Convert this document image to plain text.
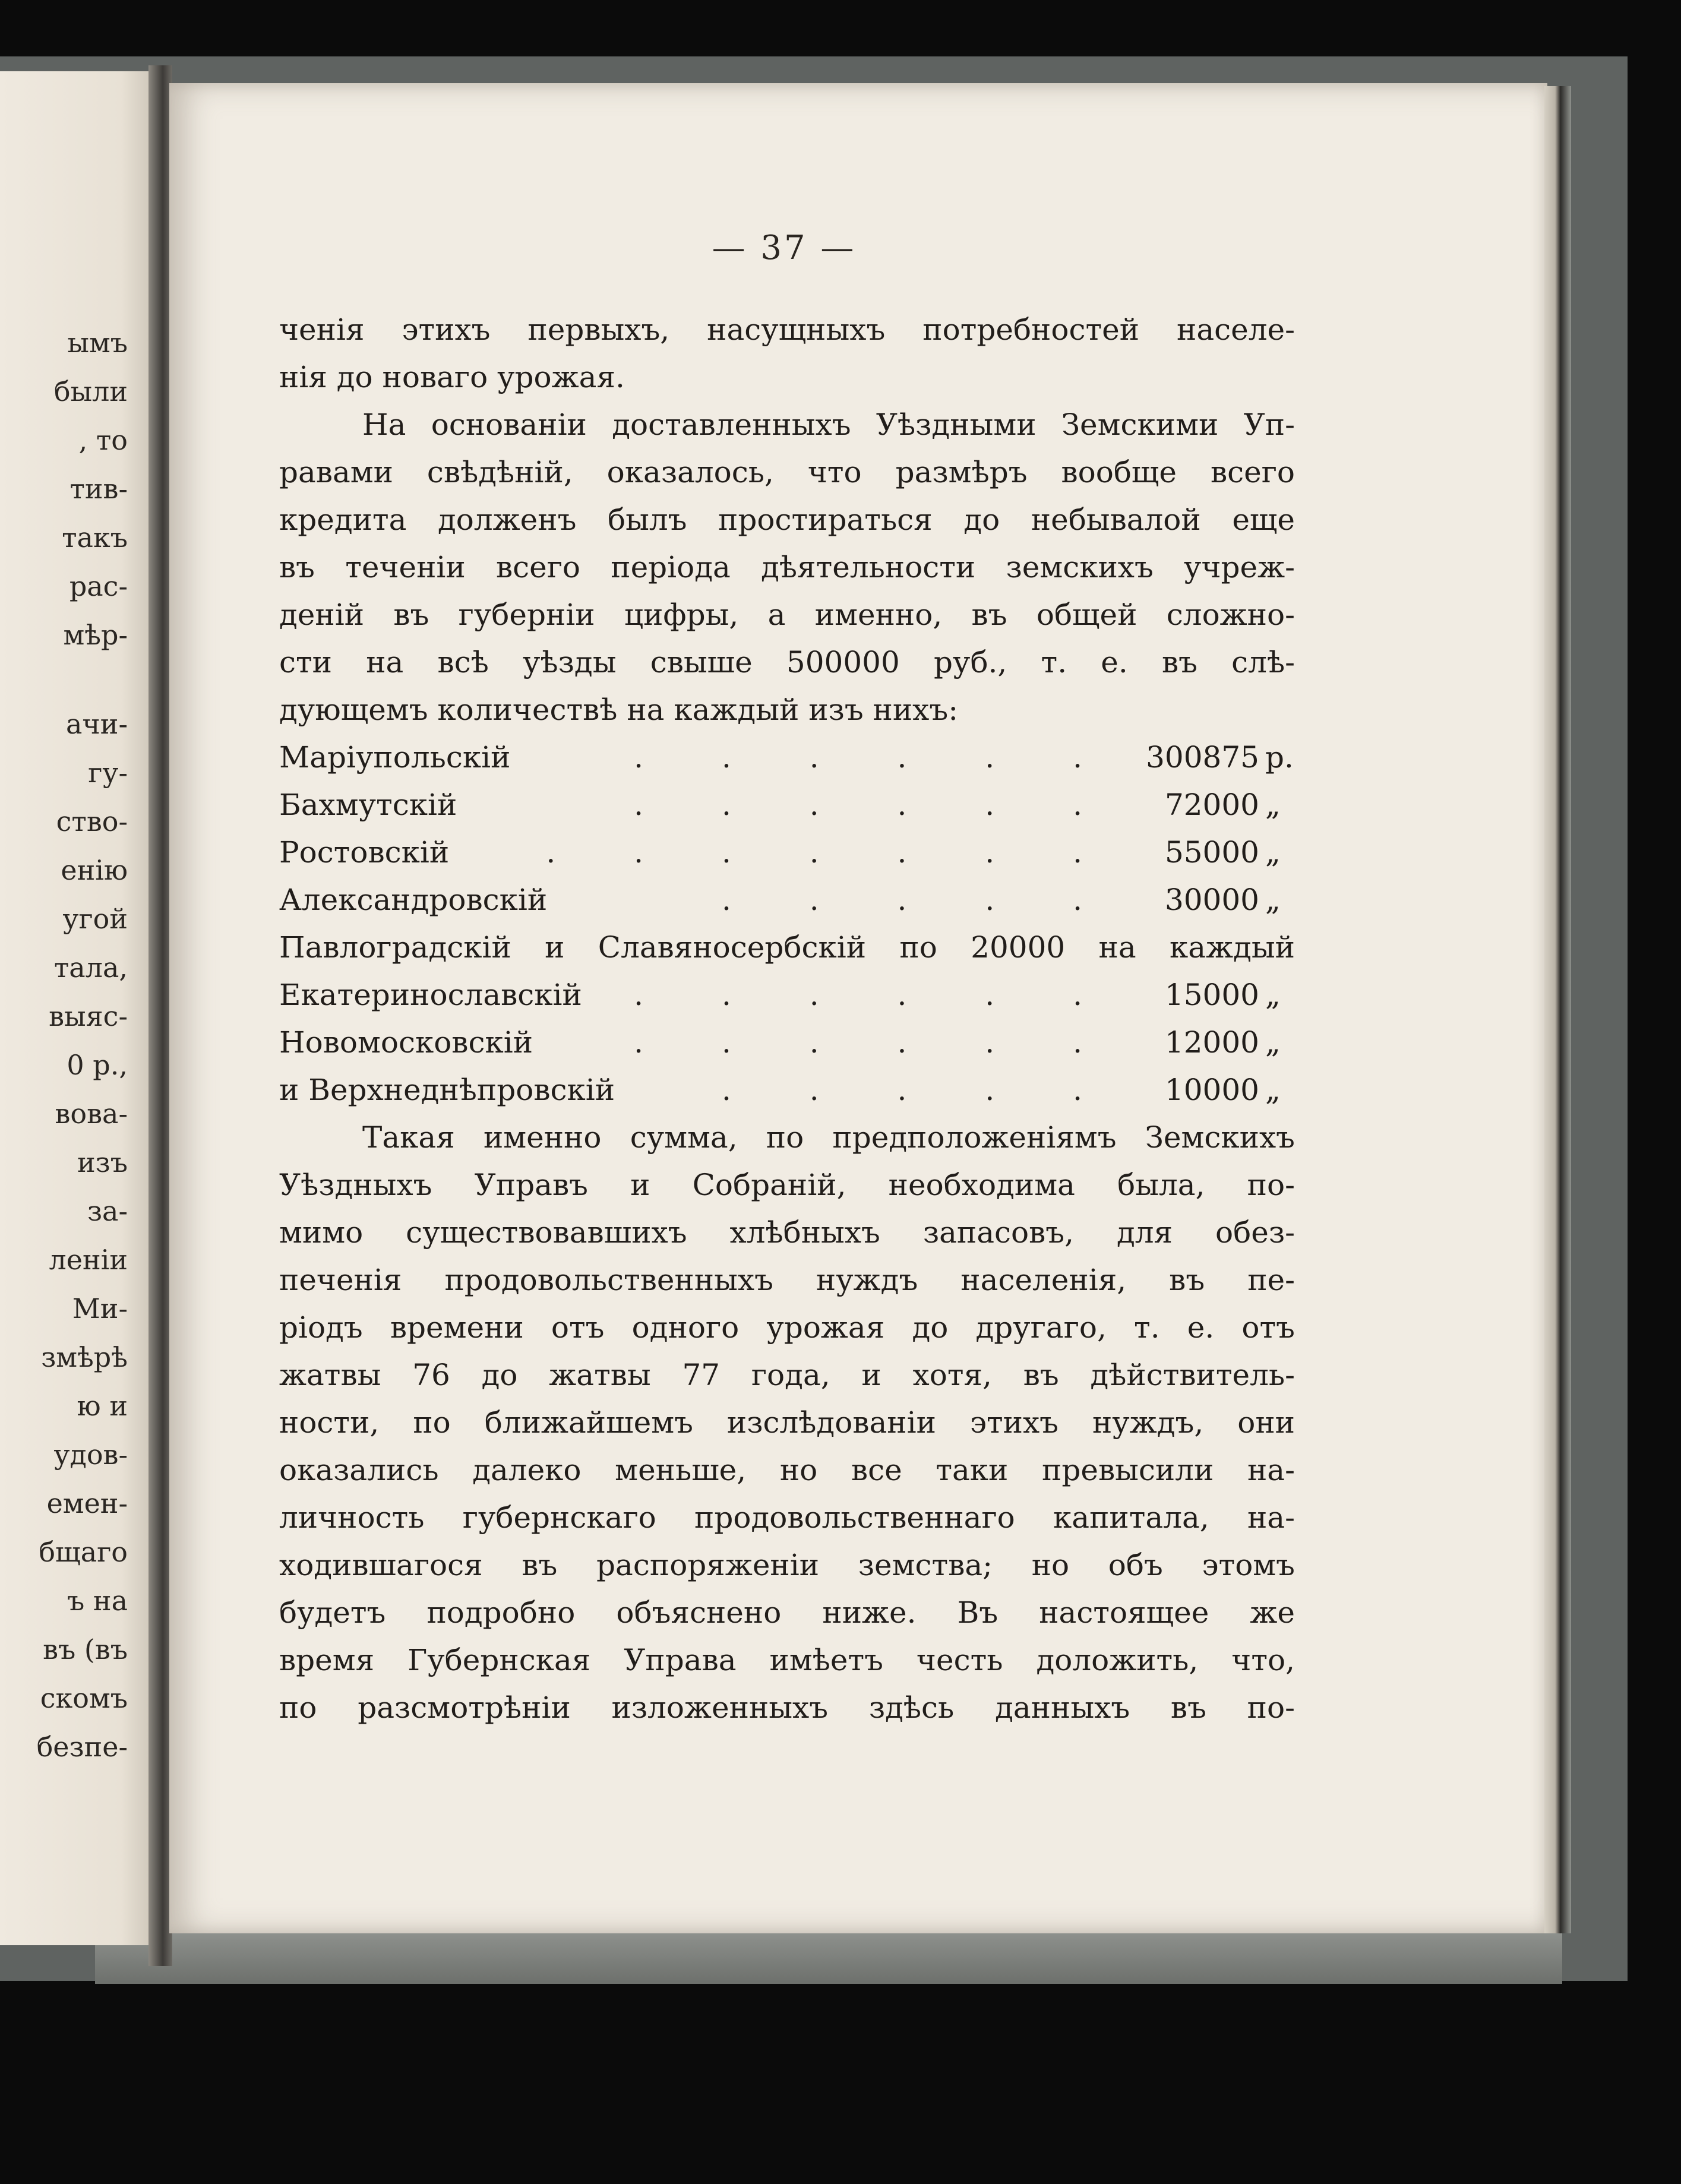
ымъ
были
, то
тив-
такъ
рас-
мѣр-
ачи-
гу-
ство-
енію
угой
тала,
выяс-
0 р.,
вова-
изъ
за-
леніи
Ми-
змѣрѣ
ю и
удов-
емен-
бщаго
ъ на
въ (въ
скомъ
безпе-
— 37 —
ченія этихъ первыхъ, насущныхъ потребностей населе-
нія до новаго урожая.
На основаніи доставленныхъ Уѣздными Земскими Уп-
равами свѣдѣній, оказалось, что размѣръ вообще всего
кредита долженъ былъ простираться до небывалой еще
въ теченіи всего періода дѣятельности земскихъ учреж-
деній въ губерніи цифры, а именно, въ общей сложно-
сти на всѣ уѣзды свыше 500000 руб., т. е. въ слѣ-
дующемъ количествѣ на каждый изъ нихъ:
Маріупольскій	. . . . . . 300875 р.
Бахмутскій	. . . . . . 72000 „
Ростовскій	. . . . . . . 55000 „
Александровскій	. . . . . 30000 „
Павлоградскій и Славяносербскій по 20000 на каждый
Екатеринославскій	. . . . . . 15000 „
Новомосковскій	. . . . . . 12000 „
и Верхнеднѣпровскій	. . . . . 10000 „
Такая именно сумма, по предположеніямъ Земскихъ
Уѣздныхъ Управъ и Собраній, необходима была, по-
мимо существовавшихъ хлѣбныхъ запасовъ, для обез-
печенія продовольственныхъ нуждъ населенія, въ пе-
ріодъ времени отъ одного урожая до другаго, т. е. отъ
жатвы 76 до жатвы 77 года, и хотя, въ дѣйствитель-
ности, по ближайшемъ изслѣдованіи этихъ нуждъ, они
оказались далеко меньше, но все таки превысили на-
личность губернскаго продовольственнаго капитала, на-
ходившагося въ распоряженіи земства; но объ этомъ
будетъ подробно объяснено ниже. Въ настоящее же
время Губернская Управа имѣетъ честь доложить, что,
по разсмотрѣніи изложенныхъ здѣсь данныхъ въ по-
